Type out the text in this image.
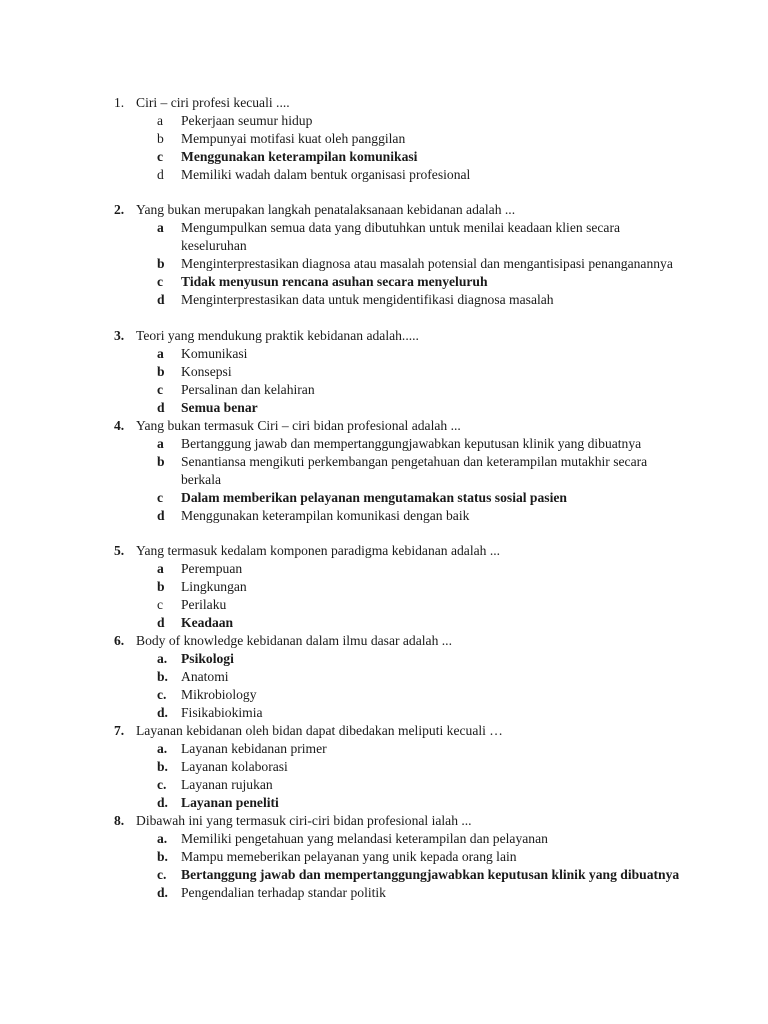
1. Ciri – ciri profesi kecuali ....
a Pekerjaan seumur hidup
b Mempunyai motifasi kuat oleh panggilan
c Menggunakan keterampilan komunikasi
d Memiliki wadah dalam bentuk organisasi profesional
2. Yang bukan merupakan langkah penatalaksanaan kebidanan adalah ...
a Mengumpulkan semua data yang dibutuhkan untuk menilai keadaan klien secara keseluruhan
b Menginterprestasikan diagnosa atau masalah potensial dan mengantisipasi penanganannya
c Tidak menyusun rencana asuhan secara menyeluruh
d Menginterprestasikan data untuk mengidentifikasi diagnosa masalah
3. Teori yang mendukung praktik kebidanan adalah.....
a Komunikasi
b Konsepsi
c Persalinan dan kelahiran
d Semua benar
4. Yang bukan termasuk Ciri – ciri bidan profesional adalah ...
a Bertanggung jawab dan mempertanggungjawabkan keputusan klinik yang dibuatnya
b Senantiansa mengikuti perkembangan pengetahuan dan keterampilan mutakhir secara berkala
c Dalam memberikan pelayanan mengutamakan status sosial pasien
d Menggunakan keterampilan komunikasi dengan baik
5. Yang termasuk kedalam komponen paradigma kebidanan adalah ...
a Perempuan
b Lingkungan
c Perilaku
d Keadaan
6. Body of knowledge kebidanan dalam ilmu dasar adalah ...
a. Psikologi
b. Anatomi
c. Mikrobiology
d. Fisikabiokimia
7. Layanan kebidanan oleh bidan dapat dibedakan meliputi kecuali …
a. Layanan kebidanan primer
b. Layanan kolaborasi
c. Layanan rujukan
d. Layanan peneliti
8. Dibawah ini yang termasuk ciri-ciri bidan profesional ialah ...
a. Memiliki pengetahuan yang melandasi keterampilan dan pelayanan
b. Mampu memeberikan pelayanan yang unik kepada orang lain
c. Bertanggung jawab dan mempertanggungjawabkan keputusan klinik yang dibuatnya
d. Pengendalian terhadap standar politik
